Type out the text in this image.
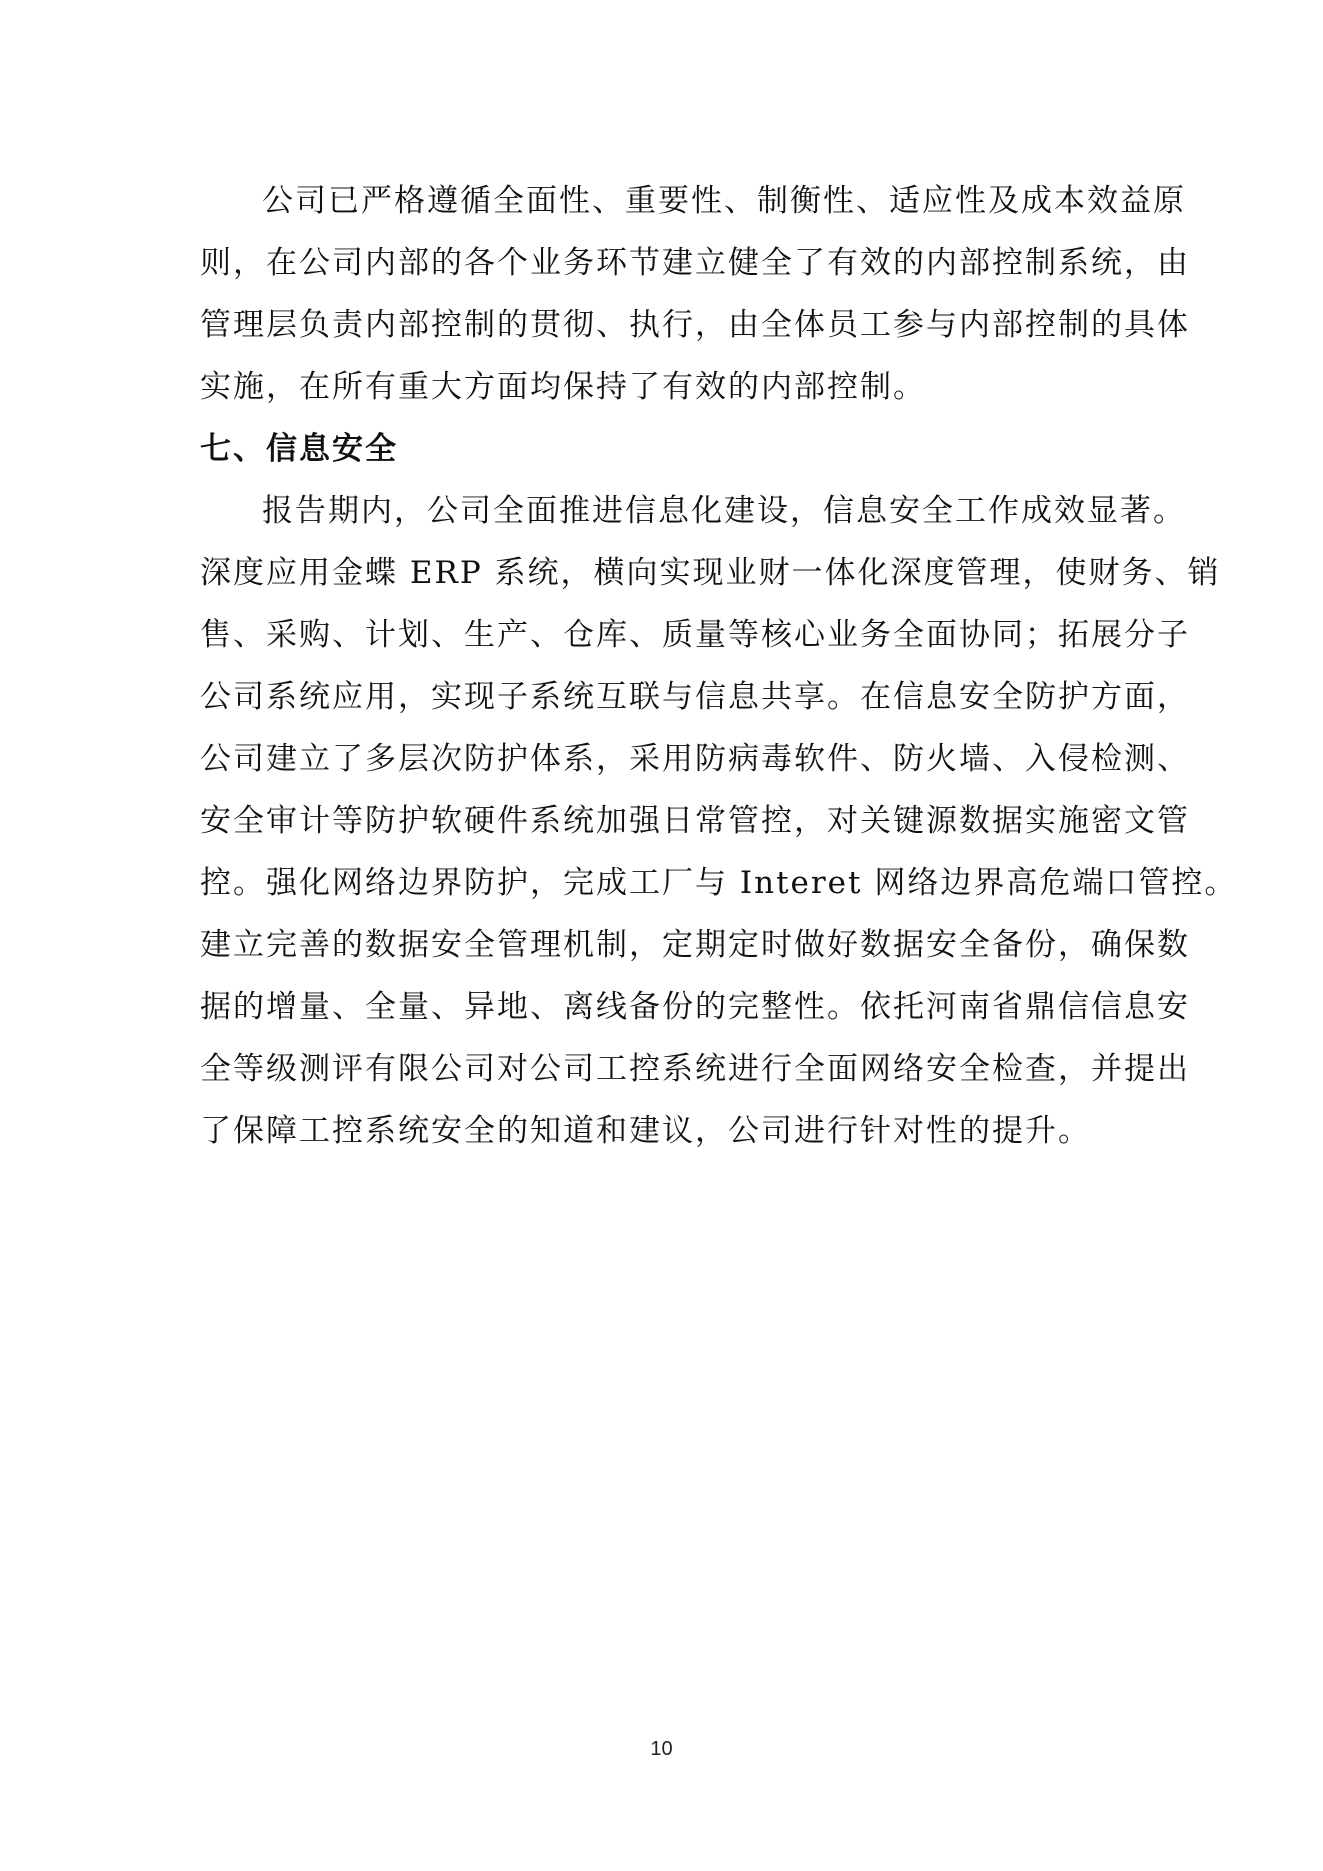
公司已严格遵循全面性、重要性、制衡性、适应性及成本效益原
则，在公司内部的各个业务环节建立健全了有效的内部控制系统，由
管理层负责内部控制的贯彻、执行，由全体员工参与内部控制的具体
实施，在所有重大方面均保持了有效的内部控制。
七、信息安全
报告期内，公司全面推进信息化建设，信息安全工作成效显著。
深度应用金蝶 ERP 系统，横向实现业财一体化深度管理，使财务、销
售、采购、计划、生产、仓库、质量等核心业务全面协同；拓展分子
公司系统应用，实现子系统互联与信息共享。在信息安全防护方面，
公司建立了多层次防护体系，采用防病毒软件、防火墙、入侵检测、
安全审计等防护软硬件系统加强日常管控，对关键源数据实施密文管
控。强化网络边界防护，完成工厂与 Interet 网络边界高危端口管控。
建立完善的数据安全管理机制，定期定时做好数据安全备份，确保数
据的增量、全量、异地、离线备份的完整性。依托河南省鼎信信息安
全等级测评有限公司对公司工控系统进行全面网络安全检查，并提出
了保障工控系统安全的知道和建议，公司进行针对性的提升。
10
